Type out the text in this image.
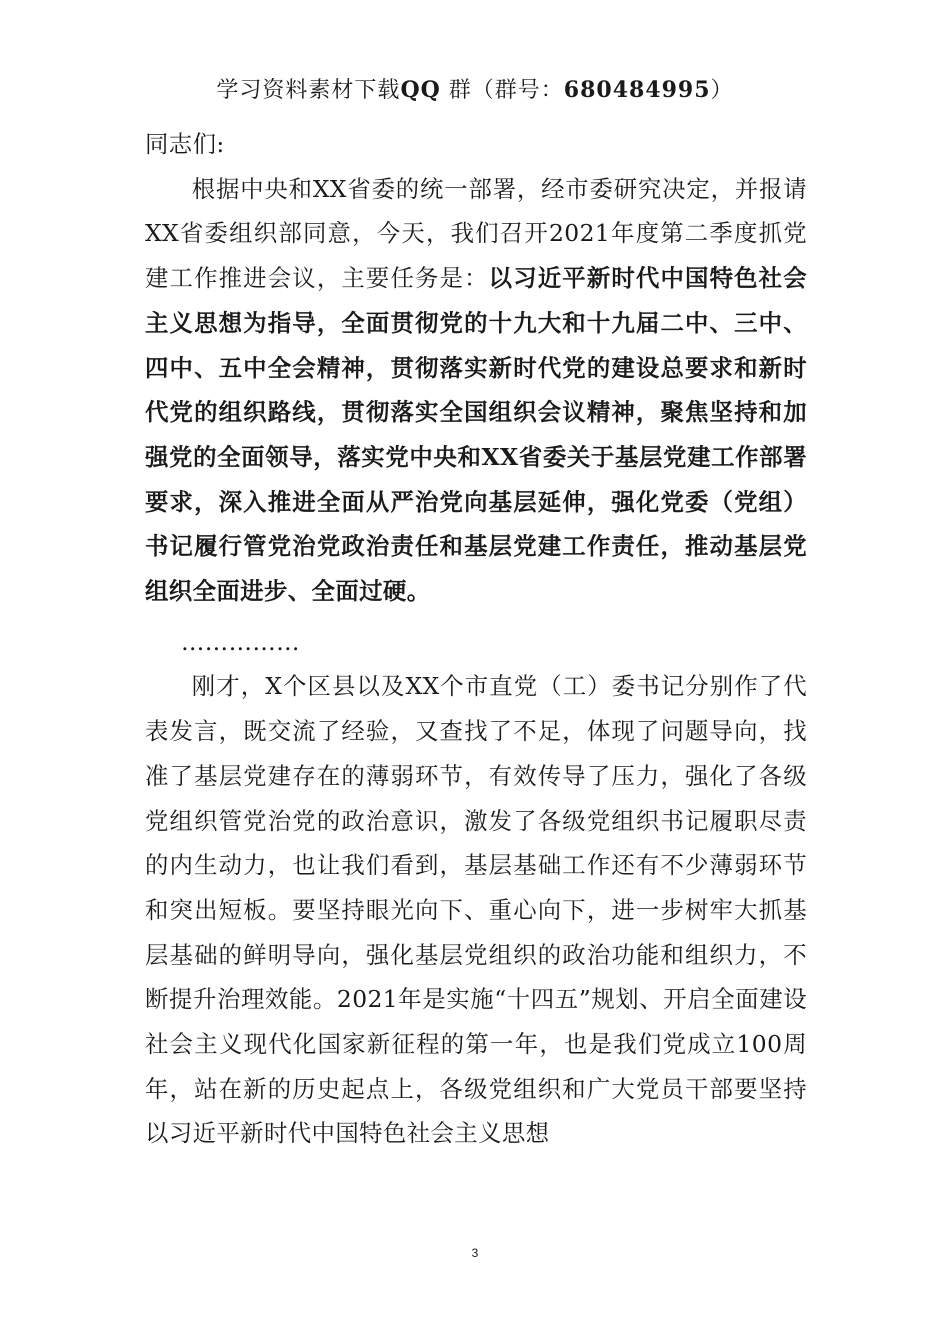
学习资料素材下载QQ 群（群号：680484995）

同志们:

根据中央和XX省委的统一部署，经市委研究决定，并报请XX省委组织部同意，今天，我们召开2021年度第二季度抓党建工作推进会议，主要任务是：以习近平新时代中国特色社会主义思想为指导，全面贯彻党的十九大和十九届二中、三中、四中、五中全会精神，贯彻落实新时代党的建设总要求和新时代党的组织路线，贯彻落实全国组织会议精神，聚焦坚持和加强党的全面领导，落实党中央和XX省委关于基层党建工作部署要求，深入推进全面从严治党向基层延伸，强化党委（党组）书记履行管党治党政治责任和基层党建工作责任，推动基层党组织全面进步、全面过硬。

……………

刚才，X个区县以及XX个市直党（工）委书记分别作了代表发言，既交流了经验，又查找了不足，体现了问题导向，找准了基层党建存在的薄弱环节，有效传导了压力，强化了各级党组织管党治党的政治意识，激发了各级党组织书记履职尽责的内生动力，也让我们看到，基层基础工作还有不少薄弱环节和突出短板。要坚持眼光向下、重心向下，进一步树牢大抓基层基础的鲜明导向，强化基层党组织的政治功能和组织力，不断提升治理效能。2021年是实施“十四五”规划、开启全面建设社会主义现代化国家新征程的第一年，也是我们党成立100周年，站在新的历史起点上，各级党组织和广大党员干部要坚持以习近平新时代中国特色社会主义思想

3
